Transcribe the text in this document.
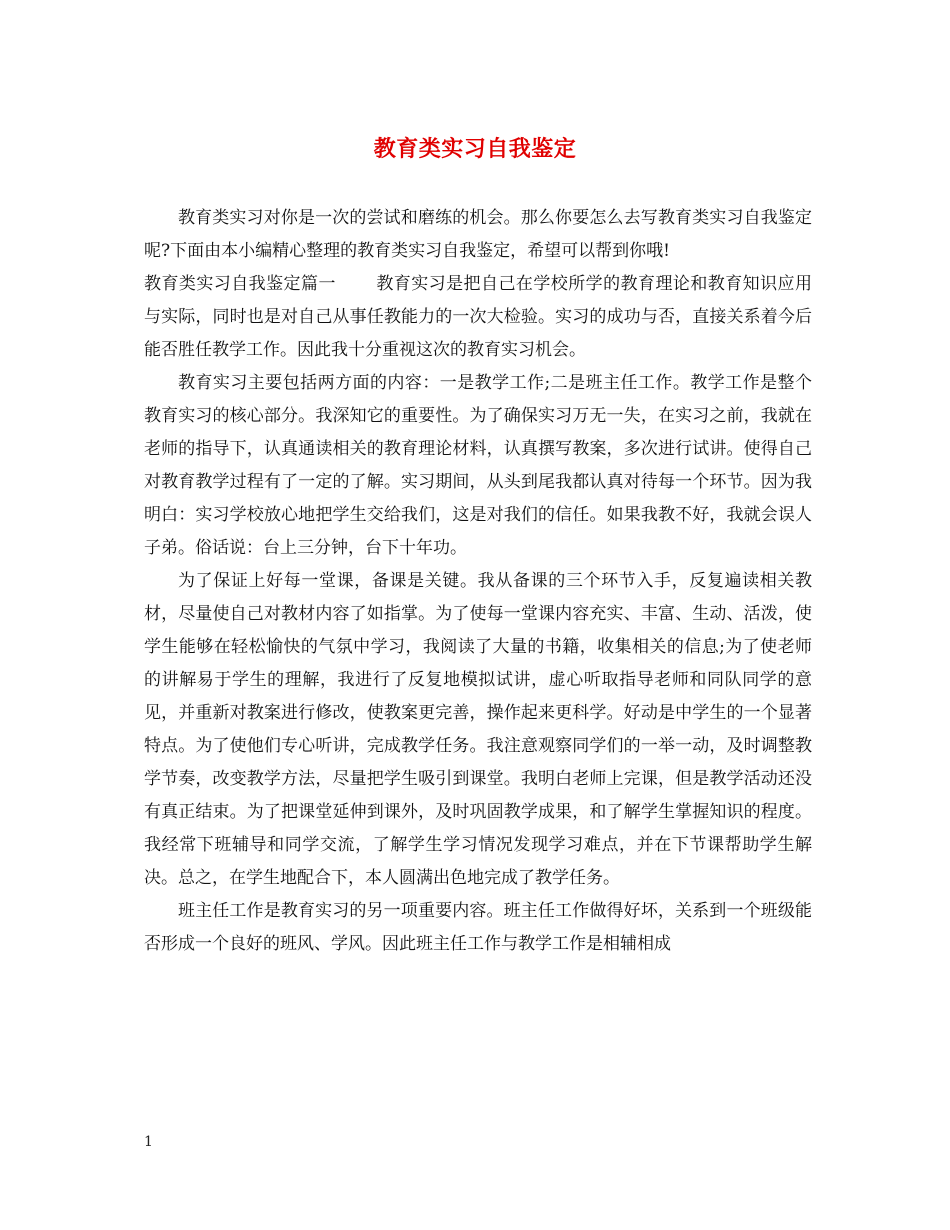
教育类实习自我鉴定

教育类实习对你是一次的尝试和磨练的机会。那么你要怎么去写教育类实习自我鉴定呢?下面由本小编精心整理的教育类实习自我鉴定，希望可以帮到你哦!

教育类实习自我鉴定篇一 教育实习是把自己在学校所学的教育理论和教育知识应用与实际，同时也是对自己从事任教能力的一次大检验。实习的成功与否，直接关系着今后能否胜任教学工作。因此我十分重视这次的教育实习机会。

教育实习主要包括两方面的内容：一是教学工作;二是班主任工作。教学工作是整个教育实习的核心部分。我深知它的重要性。为了确保实习万无一失，在实习之前，我就在老师的指导下，认真通读相关的教育理论材料，认真撰写教案，多次进行试讲。使得自己对教育教学过程有了一定的了解。实习期间，从头到尾我都认真对待每一个环节。因为我明白：实习学校放心地把学生交给我们，这是对我们的信任。如果我教不好，我就会误人子弟。俗话说：台上三分钟，台下十年功。

为了保证上好每一堂课，备课是关键。我从备课的三个环节入手，反复遍读相关教材，尽量使自己对教材内容了如指掌。为了使每一堂课内容充实、丰富、生动、活泼，使学生能够在轻松愉快的气氛中学习，我阅读了大量的书籍，收集相关的信息;为了使老师的讲解易于学生的理解，我进行了反复地模拟试讲，虚心听取指导老师和同队同学的意见，并重新对教案进行修改，使教案更完善，操作起来更科学。好动是中学生的一个显著特点。为了使他们专心听讲，完成教学任务。我注意观察同学们的一举一动，及时调整教学节奏，改变教学方法，尽量把学生吸引到课堂。我明白老师上完课，但是教学活动还没有真正结束。为了把课堂延伸到课外，及时巩固教学成果，和了解学生掌握知识的程度。我经常下班辅导和同学交流，了解学生学习情况发现学习难点，并在下节课帮助学生解决。总之，在学生地配合下，本人圆满出色地完成了教学任务。

班主任工作是教育实习的另一项重要内容。班主任工作做得好坏，关系到一个班级能否形成一个良好的班风、学风。因此班主任工作与教学工作是相辅相成

1
